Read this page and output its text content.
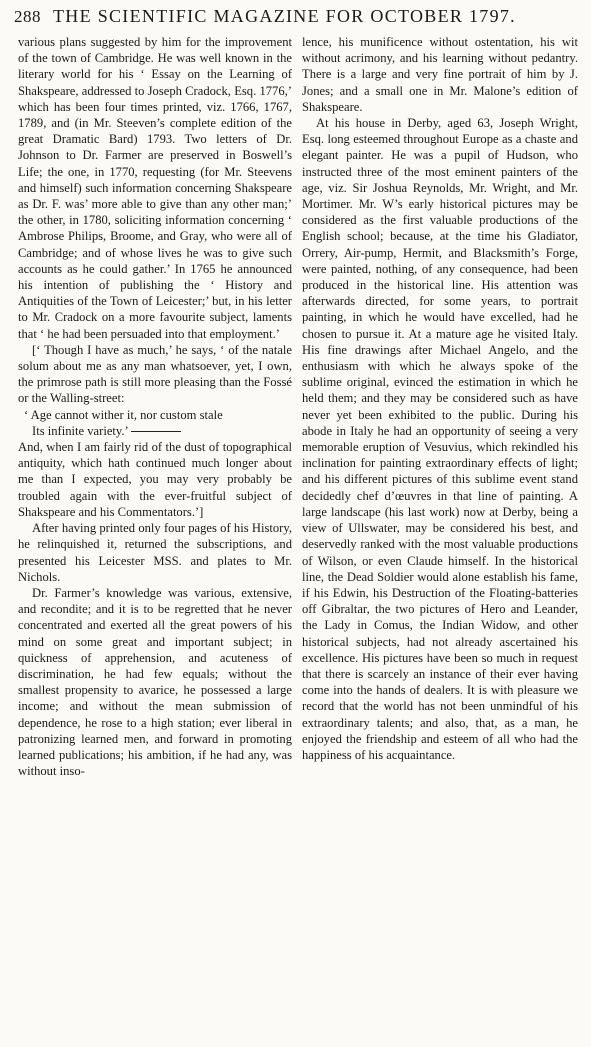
288 THE SCIENTIFIC MAGAZINE FOR OCTOBER 1797.

various plans suggested by him for the improvement of the town of Cambridge. He was well known in the literary world for his ‘ Essay on the Learning of Shakspeare, addressed to Joseph Cradock, Esq. 1776,’ which has been four times printed, viz. 1766, 1767, 1789, and (in Mr. Steeven’s complete edition of the great Dramatic Bard) 1793. Two letters of Dr. Johnson to Dr. Farmer are preserved in Boswell’s Life; the one, in 1770, requesting (for Mr. Steevens and himself) such information concerning Shakspeare as Dr. F. was’ more able to give than any other man;’ the other, in 1780, soliciting information concerning ‘ Ambrose Philips, Broome, and Gray, who were all of Cambridge; and of whose lives he was to give such accounts as he could gather.’ In 1765 he announced his intention of publishing the ‘ History and Antiquities of the Town of Leicester;’ but, in his letter to Mr. Cradock on a more favourite subject, laments that ‘ he had been persuaded into that employment.’

[‘ Though I have as much,’ he says, ‘ of the natale solum about me as any man whatsoever, yet, I own, the primrose path is still more pleasing than the Fossé or the Walling-street:

‘ Age cannot wither it, nor custom stale

Its infinite variety.’

And, when I am fairly rid of the dust of topographical antiquity, which hath continued much longer about me than I expected, you may very probably be troubled again with the ever-fruitful subject of Shakspeare and his Commentators.’]

After having printed only four pages of his History, he relinquished it, returned the subscriptions, and presented his Leicester MSS. and plates to Mr. Nichols.

Dr. Farmer’s knowledge was various, extensive, and recondite; and it is to be regretted that he never concentrated and exerted all the great powers of his mind on some great and important subject; in quickness of apprehension, and acuteness of discrimination, he had few equals; without the smallest propensity to avarice, he possessed a large income; and without the mean submission of dependence, he rose to a high station; ever liberal in patronizing learned men, and forward in promoting learned publications; his ambition, if he had any, was without inso-

lence, his munificence without ostentation, his wit without acrimony, and his learning without pedantry. There is a large and very fine portrait of him by J. Jones; and a small one in Mr. Malone’s edition of Shakspeare.

At his house in Derby, aged 63, Joseph Wright, Esq. long esteemed throughout Europe as a chaste and elegant painter. He was a pupil of Hudson, who instructed three of the most eminent painters of the age, viz. Sir Joshua Reynolds, Mr. Wright, and Mr. Mortimer. Mr. W’s early historical pictures may be considered as the first valuable productions of the English school; because, at the time his Gladiator, Orrery, Air-pump, Hermit, and Blacksmith’s Forge, were painted, nothing, of any consequence, had been produced in the historical line. His attention was afterwards directed, for some years, to portrait painting, in which he would have excelled, had he chosen to pursue it. At a mature age he visited Italy. His fine drawings after Michael Angelo, and the enthusiasm with which he always spoke of the sublime original, evinced the estimation in which he held them; and they may be considered such as have never yet been exhibited to the public. During his abode in Italy he had an opportunity of seeing a very memorable eruption of Vesuvius, which rekindled his inclination for painting extraordinary effects of light; and his different pictures of this sublime event stand decidedly chef d’œuvres in that line of painting. A large landscape (his last work) now at Derby, being a view of Ullswater, may be considered his best, and deservedly ranked with the most valuable productions of Wilson, or even Claude himself. In the historical line, the Dead Soldier would alone establish his fame, if his Edwin, his Destruction of the Floating-batteries off Gibraltar, the two pictures of Hero and Leander, the Lady in Comus, the Indian Widow, and other historical subjects, had not already ascertained his excellence. His pictures have been so much in request that there is scarcely an instance of their ever having come into the hands of dealers. It is with pleasure we record that the world has not been unmindful of his extraordinary talents; and also, that, as a man, he enjoyed the friendship and esteem of all who had the happiness of his acquaintance.
